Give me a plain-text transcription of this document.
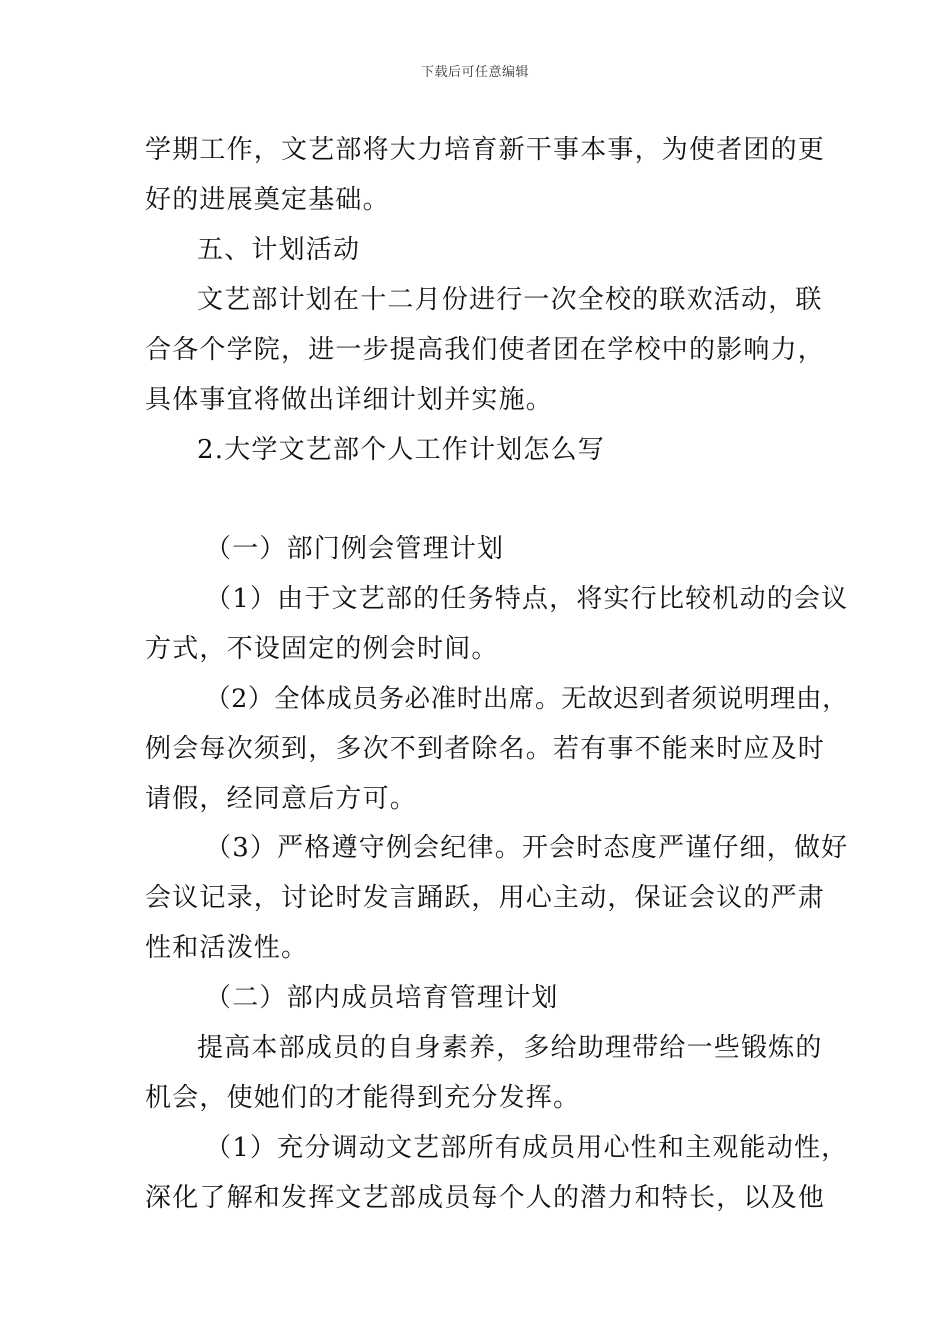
下载后可任意编辑
学期工作，文艺部将大力培育新干事本事，为使者团的更
好的进展奠定基础。
五、计划活动
文艺部计划在十二月份进行一次全校的联欢活动，联
合各个学院，进一步提高我们使者团在学校中的影响力，
具体事宜将做出详细计划并实施。
2.大学文艺部个人工作计划怎么写
（一）部门例会管理计划
（1）由于文艺部的任务特点，将实行比较机动的会议
方式，不设固定的例会时间。
（2）全体成员务必准时出席。无故迟到者须说明理由，
例会每次须到，多次不到者除名。若有事不能来时应及时
请假，经同意后方可。
（3）严格遵守例会纪律。开会时态度严谨仔细，做好
会议记录，讨论时发言踊跃，用心主动，保证会议的严肃
性和活泼性。
（二）部内成员培育管理计划
提高本部成员的自身素养，多给助理带给一些锻炼的
机会，使她们的才能得到充分发挥。
（1）充分调动文艺部所有成员用心性和主观能动性，
深化了解和发挥文艺部成员每个人的潜力和特长，以及他
